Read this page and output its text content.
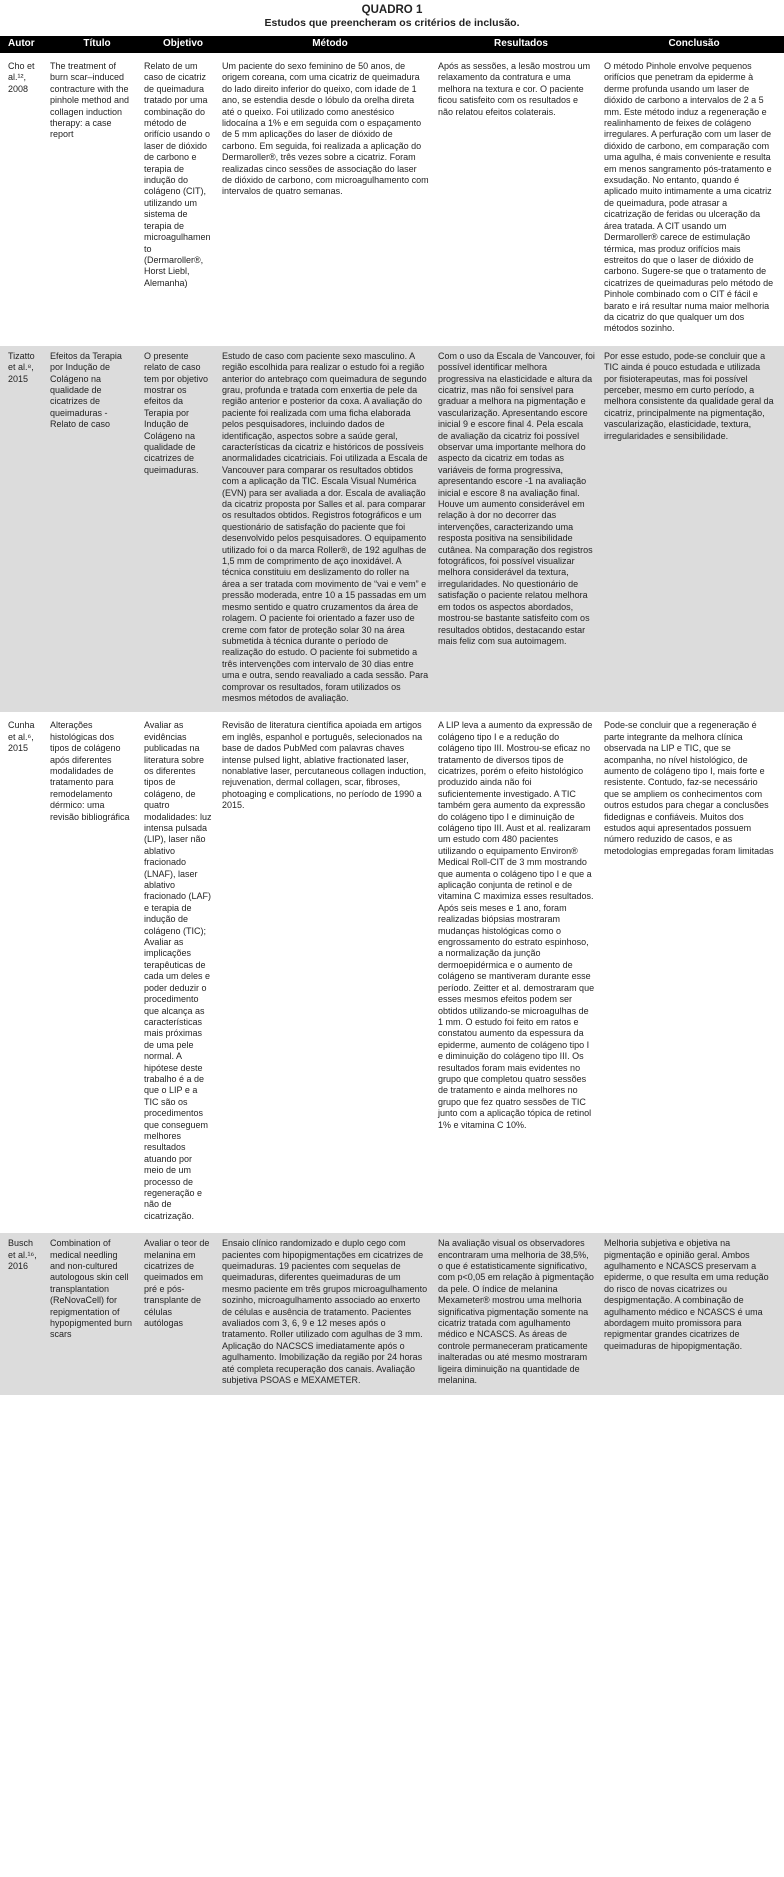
QUADRO 1
Estudos que preencheram os critérios de inclusão.
Autor	Título	Objetivo	Método	Resultados	Conclusão
Cho et al.¹², 2008	The treatment of burn scar–induced contracture with the pinhole method and collagen induction therapy: a case report	Relato de um caso de cicatriz de queimadura tratado por uma combinação do método de orifício usando o laser de dióxido de carbono e terapia de indução do colágeno (CIT), utilizando um sistema de terapia de microagulhamento (Dermaroller®, Horst Liebl, Alemanha)	Um paciente do sexo feminino de 50 anos, de origem coreana, com uma cicatriz de queimadura do lado direito inferior do queixo, com idade de 1 ano, se estendia desde o lóbulo da orelha direta até o queixo. Foi utilizado como anestésico lidocaína a 1% e em seguida com o espaçamento de 5 mm aplicações do laser de dióxido de carbono. Em seguida, foi realizada a aplicação do Dermaroller®, três vezes sobre a cicatriz. Foram realizadas cinco sessões de associação do laser de dióxido de carbono, com microagulhamento com intervalos de quatro semanas.	Após as sessões, a lesão mostrou um relaxamento da contratura e uma melhora na textura e cor. O paciente ficou satisfeito com os resultados e não relatou efeitos colaterais.	O método Pinhole envolve pequenos orifícios que penetram da epiderme à derme profunda usando um laser de dióxido de carbono a intervalos de 2 a 5 mm. Este método induz a regeneração e realinhamento de feixes de colágeno irregulares. A perfuração com um laser de dióxido de carbono, em comparação com uma agulha, é mais conveniente e resulta em menos sangramento pós-tratamento e exsudação. No entanto, quando é aplicado muito intimamente a uma cicatriz de queimadura, pode atrasar a cicatrização de feridas ou ulceração da área tratada. A CIT usando um Dermaroller® carece de estimulação térmica, mas produz orifícios mais estreitos do que o laser de dióxido de carbono. Sugere-se que o tratamento de cicatrizes de queimaduras pelo método de Pinhole combinado com o CIT é fácil e barato e irá resultar numa maior melhoria da cicatriz do que qualquer um dos métodos sozinho.
Tizatto et al.⁸, 2015	Efeitos da Terapia por Indução de Colágeno na qualidade de cicatrizes de queimaduras - Relato de caso	O presente relato de caso tem por objetivo mostrar os efeitos da Terapia por Indução de Colágeno na qualidade de cicatrizes de queimaduras.	Estudo de caso com paciente sexo masculino. A região escolhida para realizar o estudo foi a região anterior do antebraço com queimadura de segundo grau, profunda e tratada com enxertia de pele da região anterior e posterior da coxa. A avaliação do paciente foi realizada com uma ficha elaborada pelos pesquisadores, incluindo dados de identificação, aspectos sobre a saúde geral, características da cicatriz e históricos de possíveis anormalidades cicatriciais. Foi utilizada a Escala de Vancouver para comparar os resultados obtidos com a aplicação da TIC. Escala Visual Numérica (EVN) para ser avaliada a dor. Escala de avaliação da cicatriz proposta por Salles et al. para comparar os resultados obtidos. Registros fotográficos e um questionário de satisfação do paciente que foi desenvolvido pelos pesquisadores. O equipamento utilizado foi o da marca Roller®, de 192 agulhas de 1,5 mm de comprimento de aço inoxidável. A técnica constituiu em deslizamento do roller na área a ser tratada com movimento de “vai e vem” e pressão moderada, entre 10 a 15 passadas em um mesmo sentido e quatro cruzamentos da área de rolagem. O paciente foi orientado a fazer uso de creme com fator de proteção solar 30 na área submetida à técnica durante o período de realização do estudo. O paciente foi submetido a três intervenções com intervalo de 30 dias entre uma e outra, sendo reavaliado a cada sessão. Para comprovar os resultados, foram utilizados os mesmos métodos de avaliação.	Com o uso da Escala de Vancouver, foi possível identificar melhora progressiva na elasticidade e altura da cicatriz, mas não foi sensível para graduar a melhora na pigmentação e vascularização. Apresentando escore inicial 9 e escore final 4. Pela escala de avaliação da cicatriz foi possível observar uma importante melhora do aspecto da cicatriz em todas as variáveis de forma progressiva, apresentando escore -1 na avaliação inicial e escore 8 na avaliação final. Houve um aumento considerável em relação à dor no decorrer das intervenções, caracterizando uma resposta positiva na sensibilidade cutânea. Na comparação dos registros fotográficos, foi possível visualizar melhora considerável da textura, irregularidades. No questionário de satisfação o paciente relatou melhora em todos os aspectos abordados, mostrou-se bastante satisfeito com os resultados obtidos, destacando estar mais feliz com sua autoimagem.	Por esse estudo, pode-se concluir que a TIC ainda é pouco estudada e utilizada por fisioterapeutas, mas foi possível perceber, mesmo em curto período, a melhora consistente da qualidade geral da cicatriz, principalmente na pigmentação, vascularização, elasticidade, textura, irregularidades e sensibilidade.
Cunha et al.⁶, 2015	Alterações histológicas dos tipos de colágeno após diferentes modalidades de tratamento para remodelamento dérmico: uma revisão bibliográfica	Avaliar as evidências publicadas na literatura sobre os diferentes tipos de colágeno, de quatro modalidades: luz intensa pulsada (LIP), laser não ablativo fracionado (LNAF), laser ablativo fracionado (LAF) e terapia de indução de colágeno (TIC); Avaliar as implicações terapêuticas de cada um deles e poder deduzir o procedimento que alcança as características mais próximas de uma pele normal. A hipótese deste trabalho é a de que o LIP e a TIC são os procedimentos que conseguem melhores resultados atuando por meio de um processo de regeneração e não de cicatrização.	Revisão de literatura científica apoiada em artigos em inglês, espanhol e português, selecionados na base de dados PubMed com palavras chaves intense pulsed light, ablative fractionated laser, nonablative laser, percutaneous collagen induction, rejuvenation, dermal collagen, scar, fibroses, photoaging e complications, no período de 1990 a 2015.	A LIP leva a aumento da expressão de colágeno tipo I e a redução do colágeno tipo III. Mostrou-se eficaz no tratamento de diversos tipos de cicatrizes, porém o efeito histológico produzido ainda não foi suficientemente investigado. A TIC também gera aumento da expressão do colágeno tipo I e diminuição de colágeno tipo III. Aust et al. realizaram um estudo com 480 pacientes utilizando o equipamento Environ® Medical Roll-CIT de 3 mm mostrando que aumenta o colágeno tipo I e que a aplicação conjunta de retinol e de vitamina C maximiza esses resultados. Após seis meses e 1 ano, foram realizadas biópsias mostraram mudanças histológicas como o engrossamento do estrato espinhoso, a normalização da junção dermoepidérmica e o aumento de colágeno se mantiveram durante esse período. Zeitter et al. demostraram que esses mesmos efeitos podem ser obtidos utilizando-se microagulhas de 1 mm. O estudo foi feito em ratos e constatou aumento da espessura da epiderme, aumento de colágeno tipo I e diminuição do colágeno tipo III. Os resultados foram mais evidentes no grupo que completou quatro sessões de tratamento e ainda melhores no grupo que fez quatro sessões de TIC junto com a aplicação tópica de retinol 1% e vitamina C 10%.	Pode-se concluir que a regeneração é parte integrante da melhora clínica observada na LIP e TIC, que se acompanha, no nível histológico, de aumento de colágeno tipo I, mais forte e resistente. Contudo, faz-se necessário que se ampliem os conhecimentos com outros estudos para chegar a conclusões fidedignas e confiáveis. Muitos dos estudos aqui apresentados possuem número reduzido de casos, e as metodologias empregadas foram limitadas
Busch et al.¹⁶, 2016	Combination of medical needling and non-cultured autologous skin cell transplantation (ReNovaCell) for repigmentation of hypopigmented burn scars	Avaliar o teor de melanina em cicatrizes de queimados em pré e pós-transplante de células autólogas	Ensaio clínico randomizado e duplo cego com pacientes com hipopigmentações em cicatrizes de queimaduras. 19 pacientes com sequelas de queimaduras, diferentes queimaduras de um mesmo paciente em três grupos microagulhamento sozinho, microagulhamento associado ao enxerto de células e ausência de tratamento. Pacientes avaliados com 3, 6, 9 e 12 meses após o tratamento. Roller utilizado com agulhas de 3 mm. Aplicação do NACSCS imediatamente após o agulhamento. Imobilização da região por 24 horas até completa recuperação dos canais. Avaliação subjetiva PSOAS e MEXAMETER.	Na avaliação visual os observadores encontraram uma melhoria de 38,5%, o que é estatisticamente significativo, com p<0,05 em relação à pigmentação da pele. O índice de melanina Mexameter® mostrou uma melhoria significativa pigmentação somente na cicatriz tratada com agulhamento médico e NCASCS. As áreas de controle permaneceram praticamente inalteradas ou até mesmo mostraram ligeira diminuição na quantidade de melanina.	Melhoria subjetiva e objetiva na pigmentação e opinião geral. Ambos agulhamento e NCASCS preservam a epiderme, o que resulta em uma redução do risco de novas cicatrizes ou despigmentação. A combinação de agulhamento médico e NCASCS é uma abordagem muito promissora para repigmentar grandes cicatrizes de queimaduras de hipopigmentação.
